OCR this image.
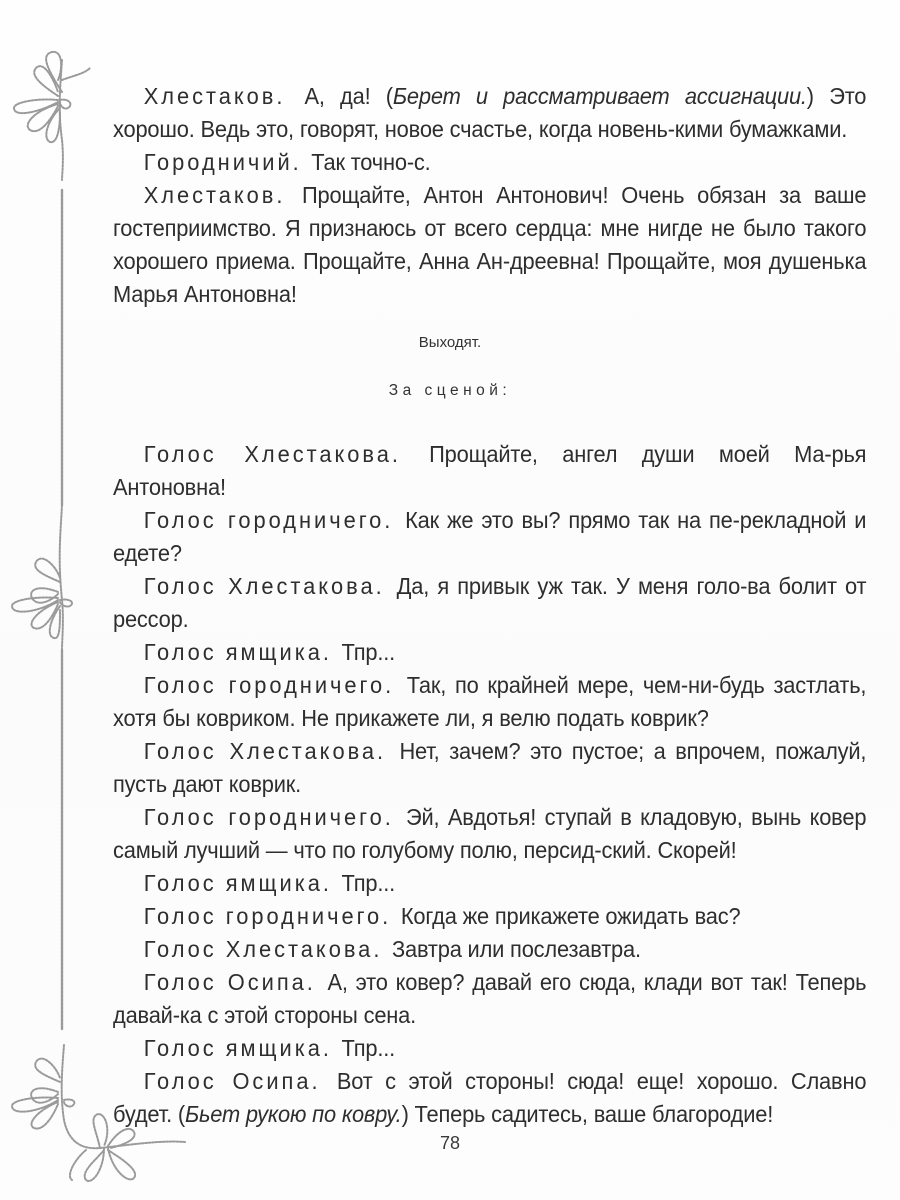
Хлестаков. А, да! (Берет и рассматривает ассигнации.) Это хорошо. Ведь это, говорят, новое счастье, когда новень-кими бумажками.

Городничий. Так точно-с.

Хлестаков. Прощайте, Антон Антонович! Очень обязан за ваше гостеприимство. Я признаюсь от всего сердца: мне нигде не было такого хорошего приема. Прощайте, Анна Ан-дреевна! Прощайте, моя душенька Марья Антоновна!

Выходят.
За сценой:

Голос Хлестакова. Прощайте, ангел души моей Ма-рья Антоновна!

Голос городничего. Как же это вы? прямо так на пе-рекладной и едете?

Голос Хлестакова. Да, я привык уж так. У меня голо-ва болит от рессор.

Голос ямщика. Тпр...

Голос городничего. Так, по крайней мере, чем-ни-будь застлать, хотя бы ковриком. Не прикажете ли, я велю подать коврик?

Голос Хлестакова. Нет, зачем? это пустое; а впрочем, пожалуй, пусть дают коврик.

Голос городничего. Эй, Авдотья! ступай в кладовую, вынь ковер самый лучший — что по голубому полю, персид-ский. Скорей!

Голос ямщика. Тпр...

Голос городничего. Когда же прикажете ожидать вас?

Голос Хлестакова. Завтра или послезавтра.

Голос Осипа. А, это ковер? давай его сюда, клади вот так! Теперь давай-ка с этой стороны сена.

Голос ямщика. Тпр...

Голос Осипа. Вот с этой стороны! сюда! еще! хорошо. Славно будет. (Бьет рукою по ковру.) Теперь садитесь, ваше благородие!

78
